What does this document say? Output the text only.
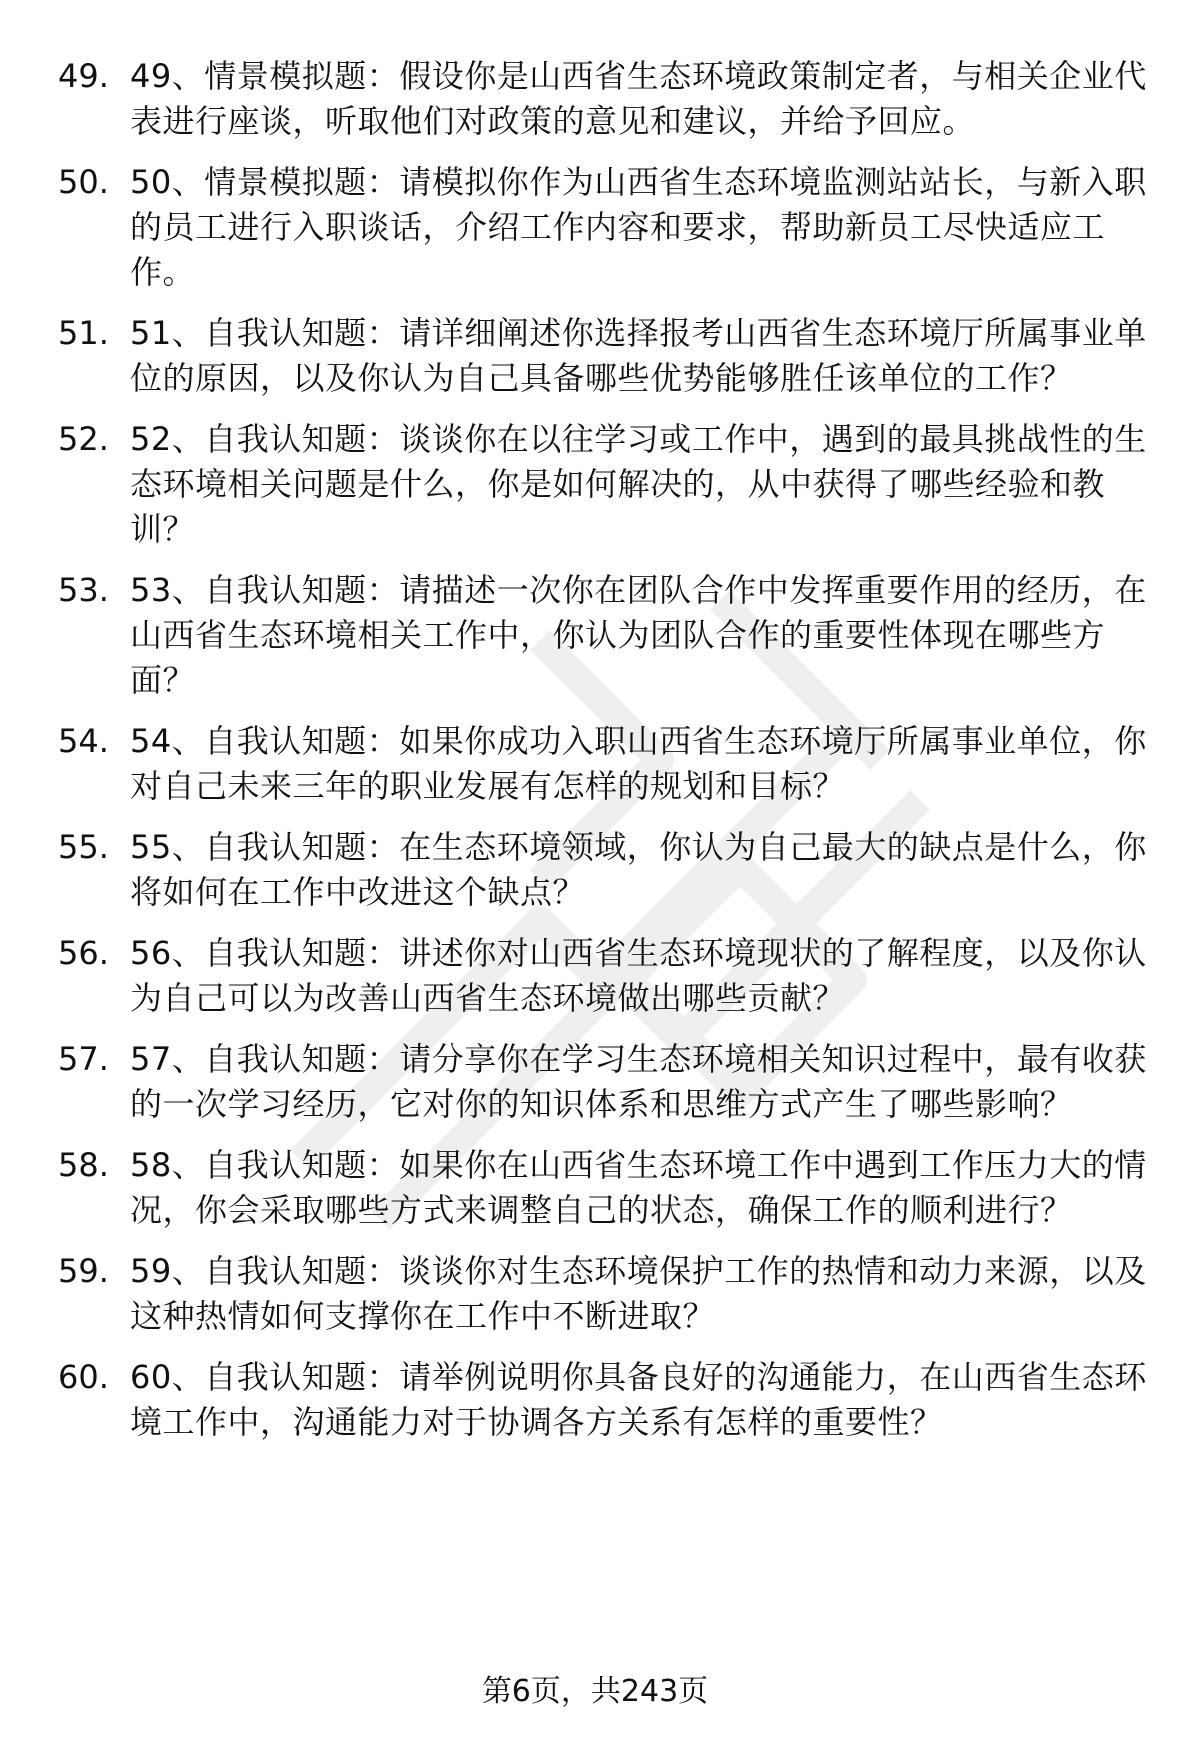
49. 49、情景模拟题：假设你是山西省生态环境政策制定者，与相关企业代表进行座谈，听取他们对政策的意见和建议，并给予回应。
50. 50、情景模拟题：请模拟你作为山西省生态环境监测站站长，与新入职的员工进行入职谈话，介绍工作内容和要求，帮助新员工尽快适应工作。
51. 51、自我认知题：请详细阐述你选择报考山西省生态环境厅所属事业单位的原因，以及你认为自己具备哪些优势能够胜任该单位的工作？
52. 52、自我认知题：谈谈你在以往学习或工作中，遇到的最具挑战性的生态环境相关问题是什么，你是如何解决的，从中获得了哪些经验和教训？
53. 53、自我认知题：请描述一次你在团队合作中发挥重要作用的经历，在山西省生态环境相关工作中，你认为团队合作的重要性体现在哪些方面？
54. 54、自我认知题：如果你成功入职山西省生态环境厅所属事业单位，你对自己未来三年的职业发展有怎样的规划和目标？
55. 55、自我认知题：在生态环境领域，你认为自己最大的缺点是什么，你将如何在工作中改进这个缺点？
56. 56、自我认知题：讲述你对山西省生态环境现状的了解程度，以及你认为自己可以为改善山西省生态环境做出哪些贡献？
57. 57、自我认知题：请分享你在学习生态环境相关知识过程中，最有收获的一次学习经历，它对你的知识体系和思维方式产生了哪些影响？
58. 58、自我认知题：如果你在山西省生态环境工作中遇到工作压力大的情况，你会采取哪些方式来调整自己的状态，确保工作的顺利进行？
59. 59、自我认知题：谈谈你对生态环境保护工作的热情和动力来源，以及这种热情如何支撑你在工作中不断进取？
60. 60、自我认知题：请举例说明你具备良好的沟通能力，在山西省生态环境工作中，沟通能力对于协调各方关系有怎样的重要性？
第6页，共243页
